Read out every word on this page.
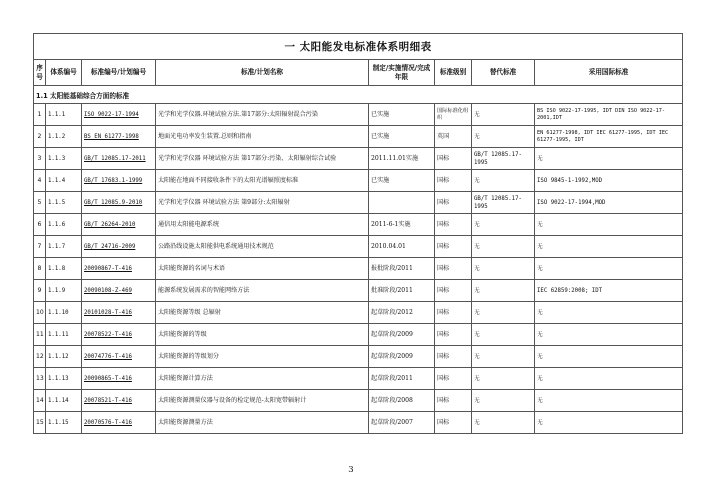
一 太阳能发电标准体系明细表							
序号	体系编号	标准编号/计划编号	标准/计划名称	制定/实施情况/完成年限	标准级别	替代标准	采用国际标准
1.1 太阳能基础综合方面的标准							
1	1.1.1	ISO 9022-17-1994	光学和光学仪器.环境试验方法.第17部分:太阳辐射混合污染	已实施	国际标准化组织	无	BS ISO 9022-17-1995, IDT DIN ISO 9022-17-2001,IDT
2	1.1.2	BS EN 61277-1998	地面光电功率发生装置.总则和指南	已实施	英国	无	EN 61277-1998, IDT IEC 61277-1995, IDT IEC 61277-1995, IDT
3	1.1.3	GB/T 12085.17-2011	光学和光学仪器 环境试验方法 第17部分:污染、太阳辐射综合试验	2011.11.01实施	国标	GB/T 12085.17-1995	无
4	1.1.4	GB/T 17683.1-1999	太阳能在地面不同接收条件下的太阳光谱辐照度标准	已实施	国标	无	ISO 9845-1-1992,MOD
5	1.1.5	GB/T 12085.9-2010	光学和光学仪器 环境试验方法 第9部分:太阳辐射		国标	GB/T 12085.17-1995	ISO 9022-17-1994,MOD
6	1.1.6	GB/T 26264-2010	通信用太阳能电源系统	2011-6-1实施	国标	无	无
7	1.1.7	GB/T 24716-2009	公路沿线设施太阳能供电系统通用技术规范	2010.04.01	国标	无	无
8	1.1.8	20090867-T-416	太阳能资源的名词与术语	报批阶段/2011	国标	无	无
9	1.1.9	20090108-Z-469	能源系统发展需求的智能网络方法	批准阶段/2011	国标	无	IEC 62859:2008; IDT
10	1.1.10	20101028-T-416	太阳能资源等级 总辐射	起草阶段/2012	国标	无	无
11	1.1.11	20078522-T-416	太阳能资源的等级	起草阶段/2009	国标	无	无
12	1.1.12	20074776-T-416	太阳能资源的等级划分	起草阶段/2009	国标	无	无
13	1.1.13	20090865-T-416	太阳能资源计算方法	起草阶段/2011	国标	无	无
14	1.1.14	20078521-T-416	太阳能资源测量仪器与设备的检定规范-太阳宽带辐射计	起草阶段/2008	国标	无	无
15	1.1.15	20070576-T-416	太阳能资源测量方法	起草阶段/2007	国标	无	无
3
